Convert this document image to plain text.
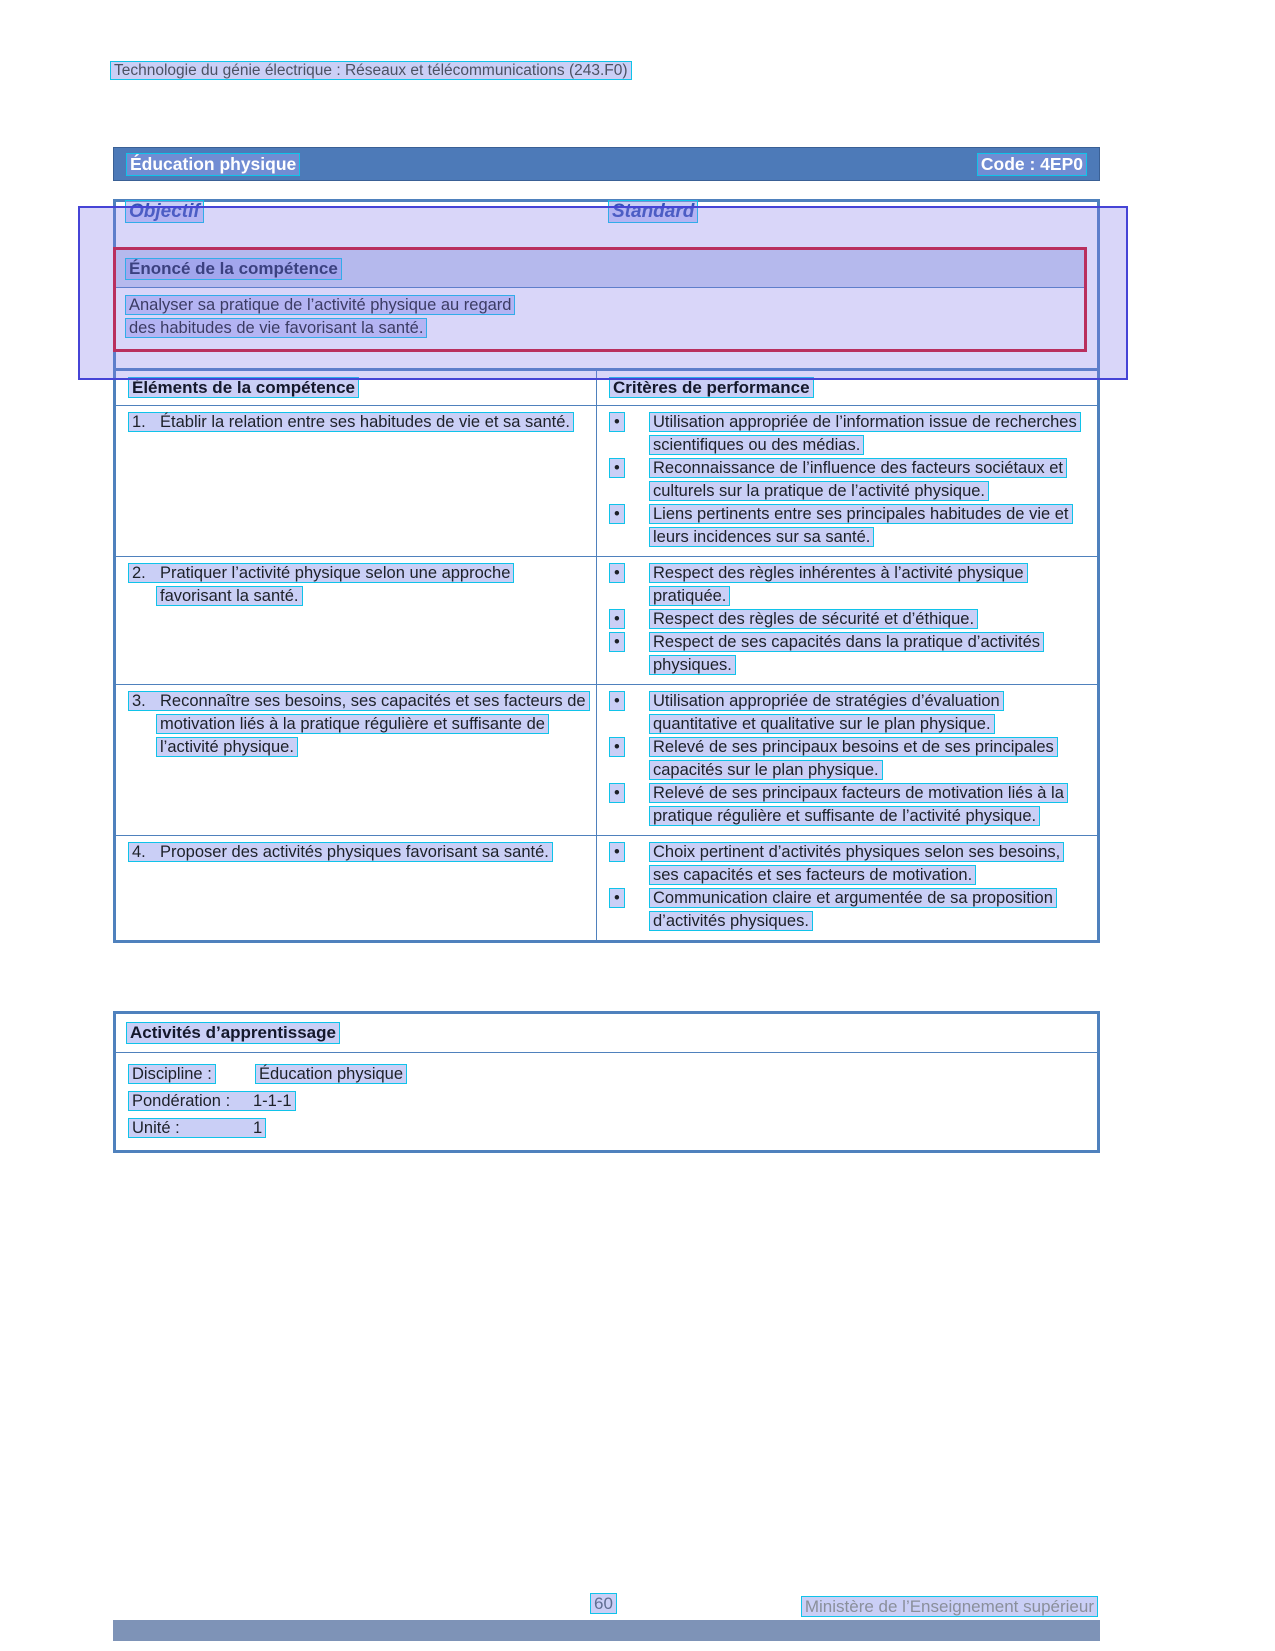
Technologie du génie électrique : Réseaux et télécommunications (243.F0)
Éducation physique	Code : 4EP0
Objectif	Standard
Énoncé de la compétence
Analyser sa pratique de l’activité physique au regard
des habitudes de vie favorisant la santé.
Éléments de la compétence	Critères de performance
1. Établir la relation entre ses habitudes de vie et sa santé.	•	Utilisation appropriée de l’information issue de recherches scientifiques ou des médias.
•	Reconnaissance de l’influence des facteurs sociétaux et culturels sur la pratique de l’activité physique.
•	Liens pertinents entre ses principales habitudes de vie et leurs incidences sur sa santé.
2. Pratiquer l’activité physique selon une approche favorisant la santé.
•	Respect des règles inhérentes à l’activité physique pratiquée.
•	Respect des règles de sécurité et d’éthique.
•	Respect de ses capacités dans la pratique d’activités physiques.
3. Reconnaître ses besoins, ses capacités et ses facteurs de motivation liés à la pratique régulière et suffisante de l’activité physique.
•	Utilisation appropriée de stratégies d’évaluation quantitative et qualitative sur le plan physique.
•	Relevé de ses principaux besoins et de ses principales capacités sur le plan physique.
•	Relevé de ses principaux facteurs de motivation liés à la pratique régulière et suffisante de l’activité physique.
4. Proposer des activités physiques favorisant sa santé.	•	Choix pertinent d’activités physiques selon ses besoins, ses capacités et ses facteurs de motivation.
•	Communication claire et argumentée de sa proposition d’activités physiques.
Activités d’apprentissage
Discipline :	Éducation physique
Pondération : 1-1-1
Unité :	1
60	Ministère de l’Enseignement supérieur
